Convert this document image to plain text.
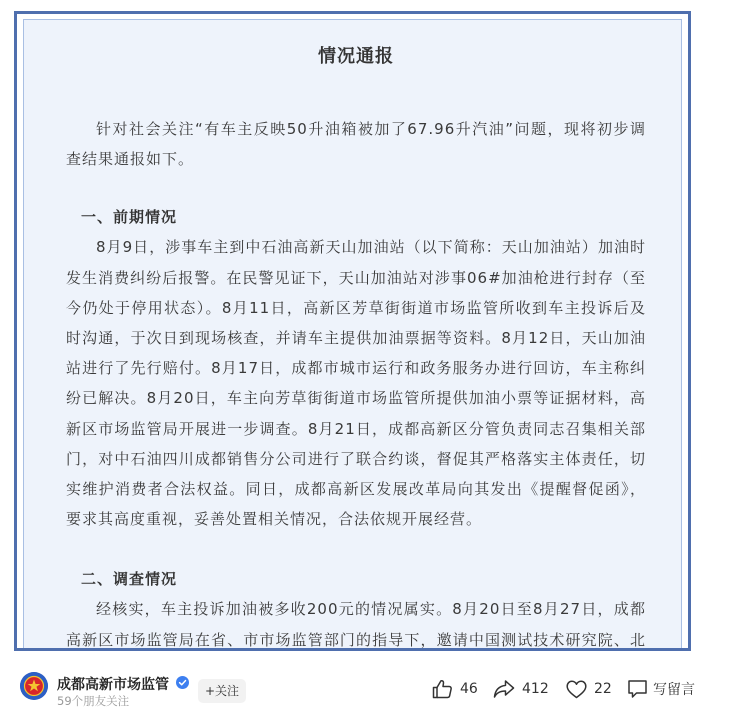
情况通报

针对社会关注“有车主反映50升油箱被加了67.96升汽油”问题，现将初步调查结果通报如下。

一、前期情况

8月9日，涉事车主到中石油高新天山加油站（以下简称：天山加油站）加油时发生消费纠纷后报警。在民警见证下，天山加油站对涉事06#加油枪进行封存（至今仍处于停用状态）。8月11日，高新区芳草街街道市场监管所收到车主投诉后及时沟通，于次日到现场核查，并请车主提供加油票据等资料。8月12日，天山加油站进行了先行赔付。8月17日，成都市城市运行和政务服务办进行回访，车主称纠纷已解决。8月20日，车主向芳草街街道市场监管所提供加油小票等证据材料，高新区市场监管局开展进一步调查。8月21日，成都高新区分管负责同志召集相关部门，对中石油四川成都销售分公司进行了联合约谈，督促其严格落实主体责任，切实维护消费者合法权益。同日，成都高新区发展改革局向其发出《提醒督促函》，要求其高度重视，妥善处置相关情况，合法依规开展经营。

二、调查情况

经核实，车主投诉加油被多收200元的情况属实。8月20日至8月27日，成都高新区市场监管局在省、市市场监管部门的指导下，邀请中国测试技术研究院、北

成都高新市场监管
59个朋友关注
+关注	46	412	22	写留言
